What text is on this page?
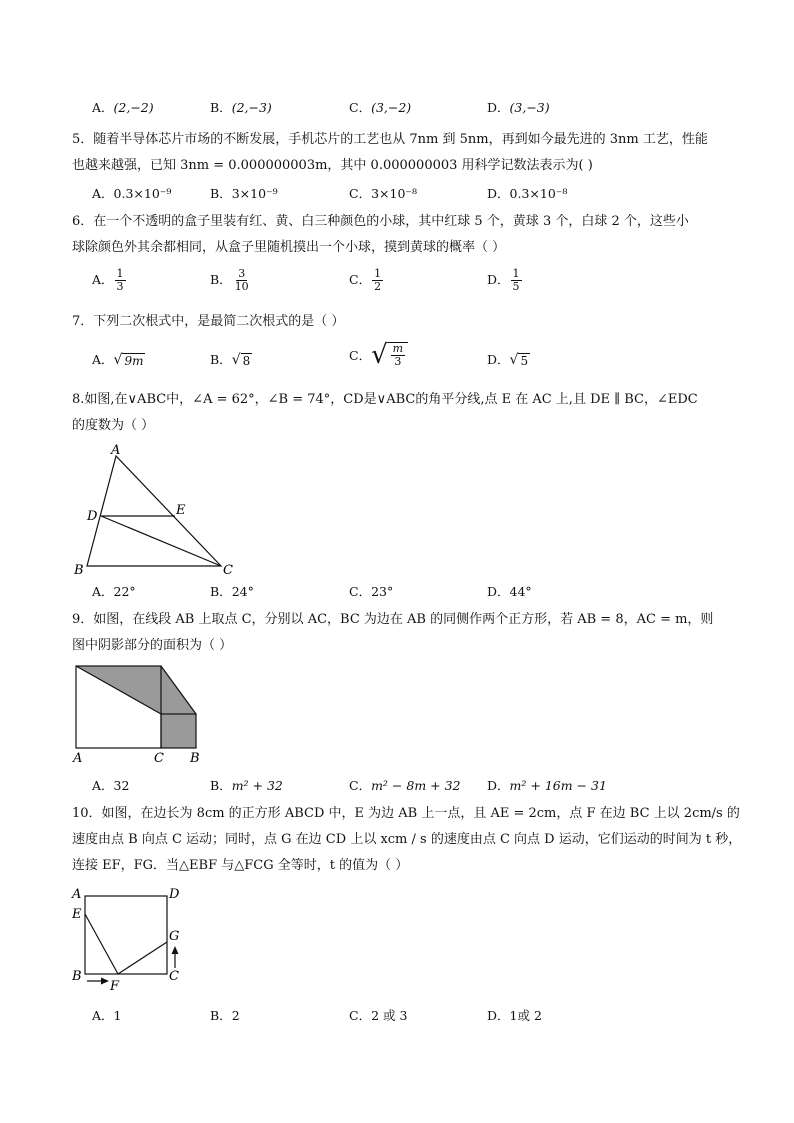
A．(2,−2)	B．(2,−3)	C．(3,−2)	D．(3,−3)
5．随着半导体芯片市场的不断发展，手机芯片的工艺也从 7nm 到 5nm，再到如今最先进的 3nm 工艺，性能
也越来越强，已知 3nm = 0.000000003m，其中 0.000000003 用科学记数法表示为( )
A．0.3×10⁻⁹	B．3×10⁻⁹	C．3×10⁻⁸	D．0.3×10⁻⁸
6．在一个不透明的盒子里装有红、黄、白三种颜色的小球，其中红球 5 个，黄球 3 个，白球 2 个，这些小
球除颜色外其余都相同，从盒子里随机摸出一个小球，摸到黄球的概率（ ）
A． $\frac{1}{3}$	B． $\frac{3}{10}$	C． $\frac{1}{2}$	D． $\frac{1}{5}$
7．下列二次根式中，是最简二次根式的是（ ）
A． √ 9m	B． √ 8	C． √ $\frac{m}{3}$	D． √ 5
8.如图,在∨ABC中，∠A = 62°，∠B = 74°，CD是∨ABC的角平分线,点 E 在 AC 上,且 DE ∥ BC，∠EDC
的度数为（ ）
A
B	C
D	E
A．22°	B．24°	C．23°	D．44°
9．如图，在线段 AB 上取点 C，分别以 AC，BC 为边在 AB 的同侧作两个正方形，若 AB = 8，AC = m，则
图中阴影部分的面积为（ ）
A	C B
A．32	B．m² + 32	C．m² − 8m + 32 D．m² + 16m − 31
10．如图，在边长为 8cm 的正方形 ABCD 中，E 为边 AB 上一点，且 AE = 2cm，点 F 在边 BC 上以 2cm/s 的
速度由点 B 向点 C 运动；同时，点 G 在边 CD 上以 xcm / s 的速度由点 C 向点 D 运动，它们运动的时间为 t 秒，
连接 EF，FG．当△EBF 与△FCG 全等时，t 的值为（ ）
A	D
E
G
B	C
F
A．1	B．2	C．2 或 3	D．1或 2
